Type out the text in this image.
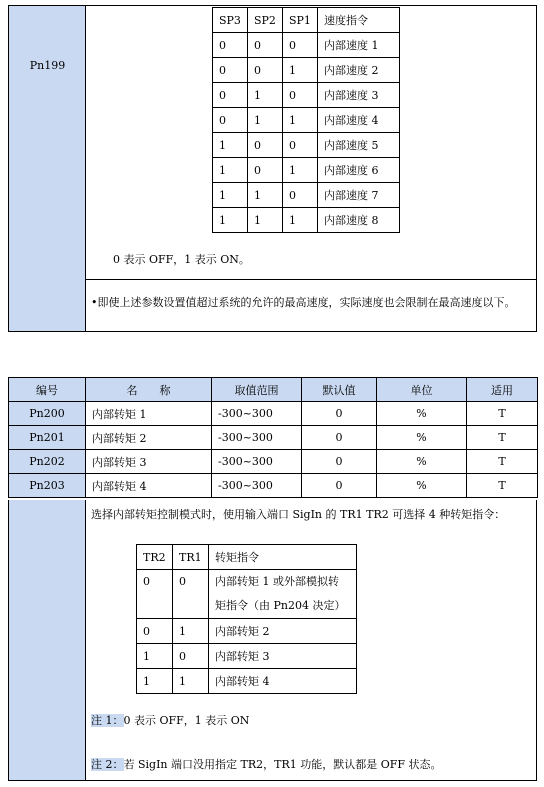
Pn199
SP3	SP2	SP1	速度指令
0	0	0	内部速度 1
0	0	1	内部速度 2
0	1	0	内部速度 3
0	1	1	内部速度 4
1	0	0	内部速度 5
1	0	1	内部速度 6
1	1	0	内部速度 7
1	1	1	内部速度 8
0 表示 OFF，1 表示 ON。
•即使上述参数设置值超过系统的允许的最高速度，实际速度也会限制在最高速度以下。
编号	名　　称	取值范围	默认值	单位	适用
Pn200	内部转矩 1	-300~300	0	%	T
Pn201	内部转矩 2	-300~300	0	%	T
Pn202	内部转矩 3	-300~300	0	%	T
Pn203	内部转矩 4	-300~300	0	%	T
选择内部转矩控制模式时，使用输入端口 SigIn 的 TR1 TR2 可选择 4 种转矩指令：
TR2	TR1	转矩指令
0	0	内部转矩 1 或外部模拟转
矩指令（由 Pn204 决定）

0	1	内部转矩 2
1	0	内部转矩 3
1	1	内部转矩 4
注 1：0 表示 OFF，1 表示 ON
注 2：若 SigIn 端口没用指定 TR2，TR1 功能，默认都是 OFF 状态。
